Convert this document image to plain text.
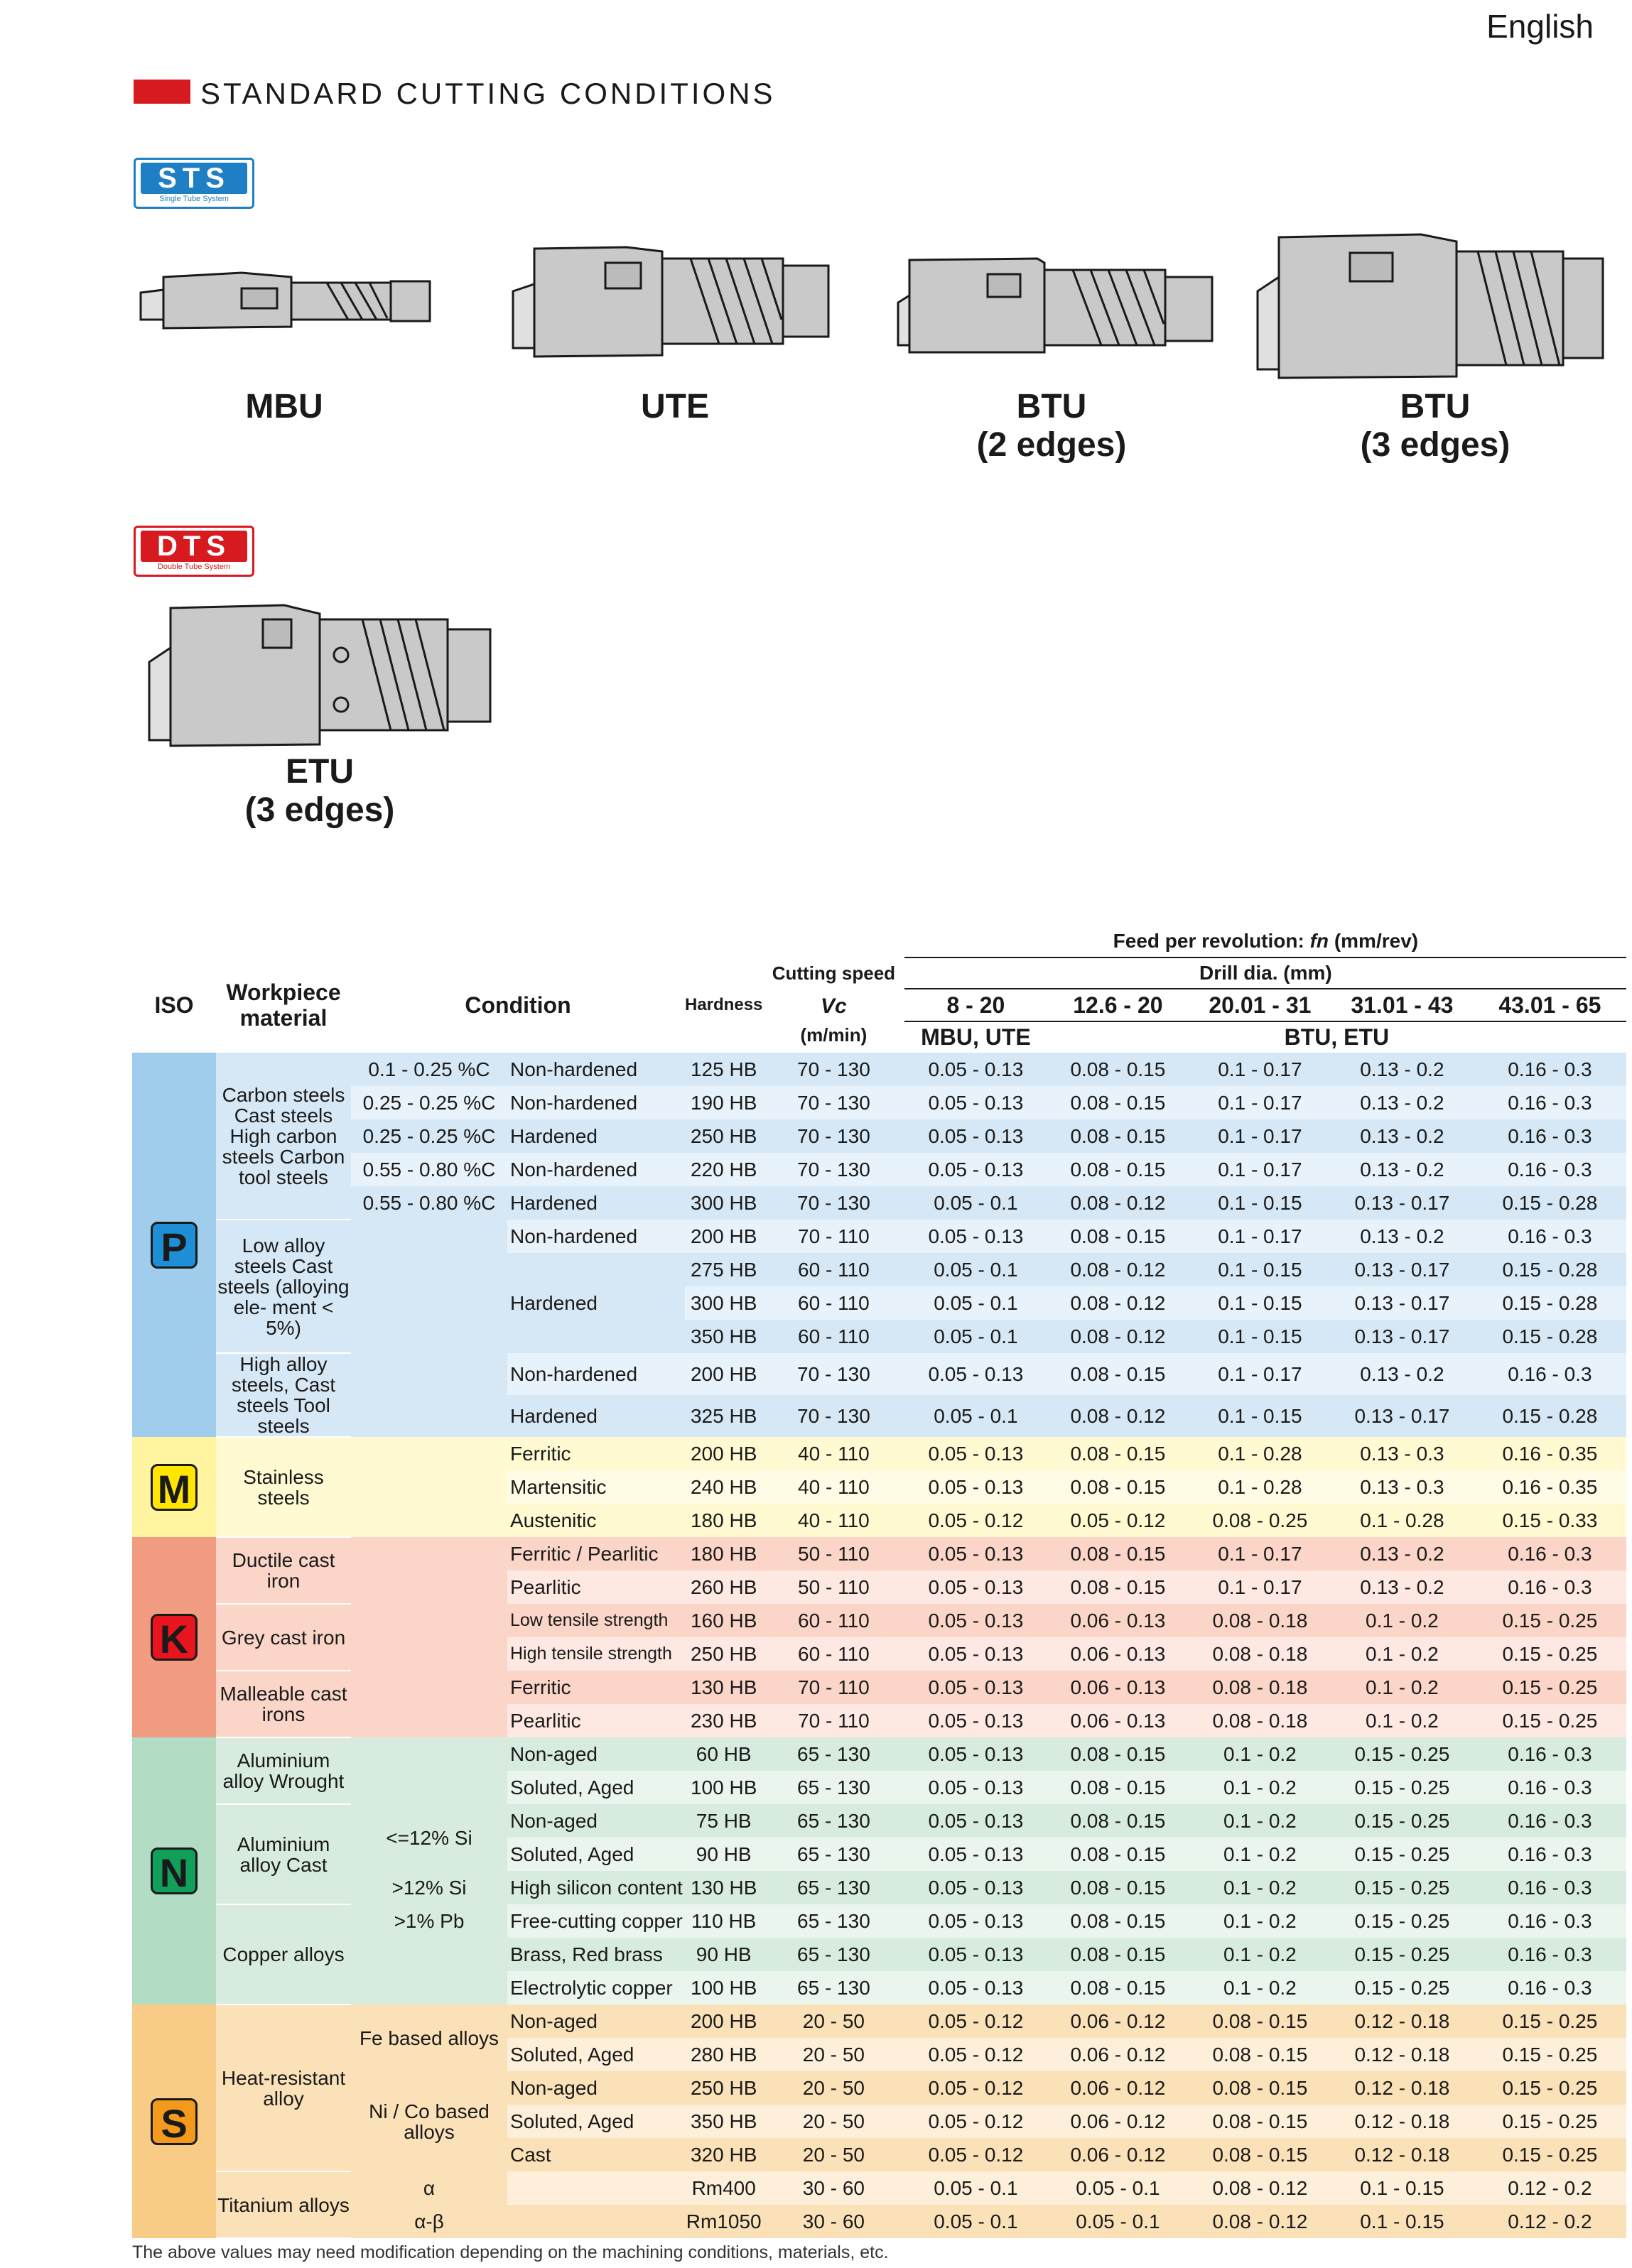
English
STANDARD CUTTING CONDITIONS
STS
Single Tube System
MBU	UTE	BTU
(2 edges)
BTU
(3 edges)
DTS
Double Tube System
ETU
(3 edges)
						Feed per revolution: fn (mm/rev)				
ISO	Workpiece material	Condition		Hardness	Cutting speed	Drill dia. (mm)				
					Vc
(m/min)	8 - 20	12.6 - 20	20.01 - 31	31.01 - 43	43.01 - 65
						MBU, UTE	BTU, ETU			
P	Carbon steels Cast steels High carbon steels Carbon tool steels	0.1 - 0.25 %C	Non-hardened	125 HB	70 - 130	0.05 - 0.13	0.08 - 0.15	0.1 - 0.17	0.13 - 0.2	0.16 - 0.3
		0.25 - 0.25 %C	Non-hardened	190 HB	70 - 130	0.05 - 0.13	0.08 - 0.15	0.1 - 0.17	0.13 - 0.2	0.16 - 0.3
		0.25 - 0.25 %C	Hardened	250 HB	70 - 130	0.05 - 0.13	0.08 - 0.15	0.1 - 0.17	0.13 - 0.2	0.16 - 0.3
		0.55 - 0.80 %C	Non-hardened	220 HB	70 - 130	0.05 - 0.13	0.08 - 0.15	0.1 - 0.17	0.13 - 0.2	0.16 - 0.3
		0.55 - 0.80 %C	Hardened	300 HB	70 - 130	0.05 - 0.1	0.08 - 0.12	0.1 - 0.15	0.13 - 0.17	0.15 - 0.28
	Low alloy steels Cast steels (alloying ele- ment < 5%)		Non-hardened	200 HB	70 - 110	0.05 - 0.13	0.08 - 0.15	0.1 - 0.17	0.13 - 0.2	0.16 - 0.3
			Hardened	275 HB	60 - 110	0.05 - 0.1	0.08 - 0.12	0.1 - 0.15	0.13 - 0.17	0.15 - 0.28
				300 HB	60 - 110	0.05 - 0.1	0.08 - 0.12	0.1 - 0.15	0.13 - 0.17	0.15 - 0.28
				350 HB	60 - 110	0.05 - 0.1	0.08 - 0.12	0.1 - 0.15	0.13 - 0.17	0.15 - 0.28
	High alloy steels, Cast steels Tool steels		Non-hardened	200 HB	70 - 130	0.05 - 0.13	0.08 - 0.15	0.1 - 0.17	0.13 - 0.2	0.16 - 0.3
			Hardened	325 HB	70 - 130	0.05 - 0.1	0.08 - 0.12	0.1 - 0.15	0.13 - 0.17	0.15 - 0.28
M	Stainless steels		Ferritic	200 HB	40 - 110	0.05 - 0.13	0.08 - 0.15	0.1 - 0.28	0.13 - 0.3	0.16 - 0.35
			Martensitic	240 HB	40 - 110	0.05 - 0.13	0.08 - 0.15	0.1 - 0.28	0.13 - 0.3	0.16 - 0.35
			Austenitic	180 HB	40 - 110	0.05 - 0.12	0.05 - 0.12	0.08 - 0.25	0.1 - 0.28	0.15 - 0.33
K	Ductile cast iron		Ferritic / Pearlitic	180 HB	50 - 110	0.05 - 0.13	0.08 - 0.15	0.1 - 0.17	0.13 - 0.2	0.16 - 0.3
			Pearlitic	260 HB	50 - 110	0.05 - 0.13	0.08 - 0.15	0.1 - 0.17	0.13 - 0.2	0.16 - 0.3
	Grey cast iron		Low tensile strength	160 HB	60 - 110	0.05 - 0.13	0.06 - 0.13	0.08 - 0.18	0.1 - 0.2	0.15 - 0.25
			High tensile strength	250 HB	60 - 110	0.05 - 0.13	0.06 - 0.13	0.08 - 0.18	0.1 - 0.2	0.15 - 0.25
	Malleable cast irons		Ferritic	130 HB	70 - 110	0.05 - 0.13	0.06 - 0.13	0.08 - 0.18	0.1 - 0.2	0.15 - 0.25
			Pearlitic	230 HB	70 - 110	0.05 - 0.13	0.06 - 0.13	0.08 - 0.18	0.1 - 0.2	0.15 - 0.25
N	Aluminium alloy Wrought		Non-aged	60 HB	65 - 130	0.05 - 0.13	0.08 - 0.15	0.1 - 0.2	0.15 - 0.25	0.16 - 0.3
			Soluted, Aged	100 HB	65 - 130	0.05 - 0.13	0.08 - 0.15	0.1 - 0.2	0.15 - 0.25	0.16 - 0.3
	Aluminium alloy Cast	<=12% Si	Non-aged	75 HB	65 - 130	0.05 - 0.13	0.08 - 0.15	0.1 - 0.2	0.15 - 0.25	0.16 - 0.3
			Soluted, Aged	90 HB	65 - 130	0.05 - 0.13	0.08 - 0.15	0.1 - 0.2	0.15 - 0.25	0.16 - 0.3
		>12% Si	High silicon content	130 HB	65 - 130	0.05 - 0.13	0.08 - 0.15	0.1 - 0.2	0.15 - 0.25	0.16 - 0.3
	Copper alloys	>1% Pb	Free-cutting copper	110 HB	65 - 130	0.05 - 0.13	0.08 - 0.15	0.1 - 0.2	0.15 - 0.25	0.16 - 0.3
			Brass, Red brass	90 HB	65 - 130	0.05 - 0.13	0.08 - 0.15	0.1 - 0.2	0.15 - 0.25	0.16 - 0.3
			Electrolytic copper	100 HB	65 - 130	0.05 - 0.13	0.08 - 0.15	0.1 - 0.2	0.15 - 0.25	0.16 - 0.3
S	Heat-resistant alloy	Fe based alloys	Non-aged	200 HB	20 - 50	0.05 - 0.12	0.06 - 0.12	0.08 - 0.15	0.12 - 0.18	0.15 - 0.25
			Soluted, Aged	280 HB	20 - 50	0.05 - 0.12	0.06 - 0.12	0.08 - 0.15	0.12 - 0.18	0.15 - 0.25
		Ni / Co based alloys	Non-aged	250 HB	20 - 50	0.05 - 0.12	0.06 - 0.12	0.08 - 0.15	0.12 - 0.18	0.15 - 0.25
			Soluted, Aged	350 HB	20 - 50	0.05 - 0.12	0.06 - 0.12	0.08 - 0.15	0.12 - 0.18	0.15 - 0.25
			Cast	320 HB	20 - 50	0.05 - 0.12	0.06 - 0.12	0.08 - 0.15	0.12 - 0.18	0.15 - 0.25
	Titanium alloys	α		Rm400	30 - 60	0.05 - 0.1	0.05 - 0.1	0.08 - 0.12	0.1 - 0.15	0.12 - 0.2
		α-β		Rm1050	30 - 60	0.05 - 0.1	0.05 - 0.1	0.08 - 0.12	0.1 - 0.15	0.12 - 0.2
The above values may need modification depending on the machining conditions, materials, etc.
